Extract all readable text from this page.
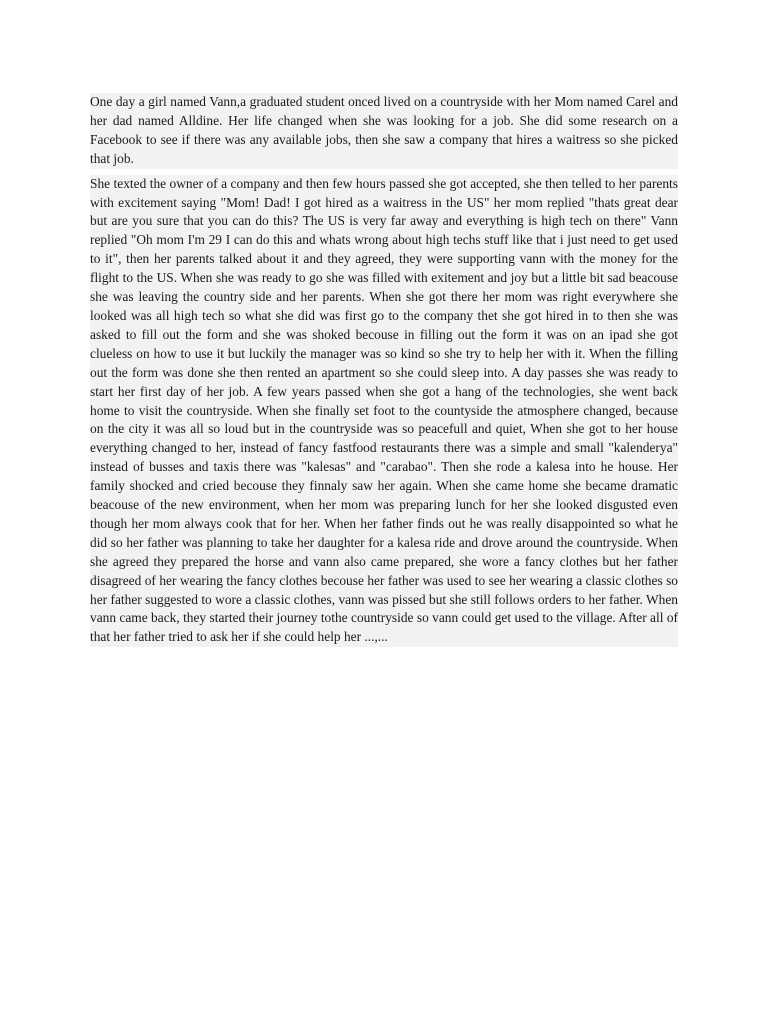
One day a girl named Vann,a graduated student onced lived on a countryside with her Mom named Carel and her dad named Alldine. Her life changed when she was looking for a job. She did some research on a Facebook to see if there was any available jobs, then she saw a company that hires a waitress so she picked that job.

She texted the owner of a company and then few hours passed she got accepted, she then telled to her parents with excitement saying "Mom! Dad! I got hired as a waitress in the US" her mom replied "thats great dear but are you sure that you can do this? The US is very far away and everything is high tech on there" Vann replied "Oh mom I'm 29 I can do this and whats wrong about high techs stuff like that i just need to get used to it", then her parents talked about it and they agreed, they were supporting vann with the money for the flight to the US. When she was ready to go she was filled with exitement and joy but a little bit sad beacouse she was leaving the country side and her parents. When she got there her mom was right everywhere she looked was all high tech so what she did was first go to the company thet she got hired in to then she was asked to fill out the form and she was shoked becouse in filling out the form it was on an ipad she got clueless on how to use it but luckily the manager was so kind so she try to help her with it. When the filling out the form was done she then rented an apartment so she could sleep into. A day passes she was ready to start her first day of her job. A few years passed when she got a hang of the technologies, she went back home to visit the countryside. When she finally set foot to the countyside the atmosphere changed, because on the city it was all so loud but in the countryside was so peacefull and quiet, When she got to her house everything changed to her, instead of fancy fastfood restaurants there was a simple and small "kalenderya" instead of busses and taxis there was "kalesas" and "carabao". Then she rode a kalesa into he house. Her family shocked and cried becouse they finnaly saw her again. When she came home she became dramatic beacouse of the new environment, when her mom was preparing lunch for her she looked disgusted even though her mom always cook that for her. When her father finds out he was really disappointed so what he did so her father was planning to take her daughter for a kalesa ride and drove around the countryside. When she agreed they prepared the horse and vann also came prepared, she wore a fancy clothes but her father disagreed of her wearing the fancy clothes becouse her father was used to see her wearing a classic clothes so her father suggested to wore a classic clothes, vann was pissed but she still follows orders to her father. When vann came back, they started their journey tothe countryside so vann could get used to the village. After all of that her father tried to ask her if she could help her ...,...
